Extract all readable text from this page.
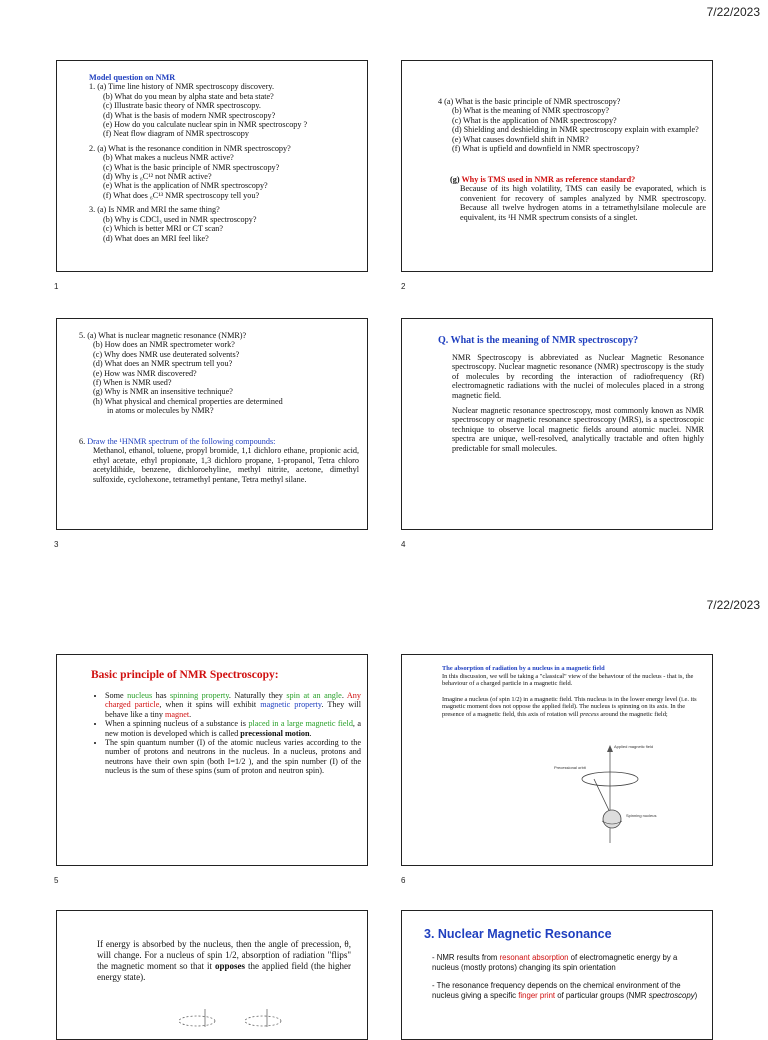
7/22/2023
7/22/2023

Model question on NMR

1. (a) Time line history of NMR spectroscopy discovery.

(b) What do you mean by alpha state and beta state?

(c) Illustrate basic theory of NMR spectroscopy.

(d) What is the basis of modern NMR spectroscopy?

(e) How do you calculate nuclear spin in NMR spectroscopy ?

(f) Neat flow diagram of NMR spectroscopy

2. (a) What is the resonance condition in NMR spectroscopy?

(b) What makes a nucleus NMR active?

(c) What is the basic principle of NMR spectroscopy?

(d) Why is ₆C¹² not NMR active?

(e) What is the application of NMR spectroscopy?

(f) What does ₆C¹³ NMR spectroscopy tell you?

3. (a) Is NMR and MRI the same thing?

(b) Why is CDCl₃ used in NMR spectroscopy?

(c) Which is better MRI or CT scan?

(d) What does an MRI feel like?

1

4 (a) What is the basic principle of NMR spectroscopy?

(b) What is the meaning of NMR spectroscopy?

(c) What is the application of NMR spectroscopy?

(d) Shielding and deshielding in NMR spectroscopy explain with example?

(e) What causes downfield shift in NMR?

(f) What is upfield and downfield in NMR spectroscopy?

(g) Why is TMS used in NMR as reference standard?

Because of its high volatility, TMS can easily be evaporated, which is convenient for recovery of samples analyzed by NMR spectroscopy. Because all twelve hydrogen atoms in a tetramethylsilane molecule are equivalent, its ¹H NMR spectrum consists of a singlet.

2

5. (a) What is nuclear magnetic resonance (NMR)?

(b) How does an NMR spectrometer work?

(c) Why does NMR use deuterated solvents?

(d) What does an NMR spectrum tell you?

(e) How was NMR discovered?

(f) When is NMR used?

(g) Why is NMR an insensitive technique?

(h) What physical and chemical properties are determined

in atoms or molecules by NMR?

6. Draw the ¹HNMR spectrum of the following compounds:

Methanol, ethanol, toluene, propyl bromide, 1,1 dichloro ethane, propionic acid, ethyl acetate, ethyl propionate, 1,3 dichloro propane, 1-propanol, Tetra chloro acetyldihide, benzene, dichloroehyline, methyl nitrite, acetone, dimethyl sulfoxide, cyclohexone, tetramethyl pentane, Tetra methyl silane.

3

Q. What is the meaning of NMR spectroscopy?

NMR Spectroscopy is abbreviated as Nuclear Magnetic Resonance spectroscopy. Nuclear magnetic resonance (NMR) spectroscopy is the study of molecules by recording the interaction of radiofrequency (Rf) electromagnetic radiations with the nuclei of molecules placed in a strong magnetic field.

Nuclear magnetic resonance spectroscopy, most commonly known as NMR spectroscopy or magnetic resonance spectroscopy (MRS), is a spectroscopic technique to observe local magnetic fields around atomic nuclei. NMR spectra are unique, well-resolved, analytically tractable and often highly predictable for small molecules.

4

Basic principle of NMR Spectroscopy:

• Some nucleus has spinning property. Naturally they spin at an angle. Any charged particle, when it spins will exhibit magnetic property. They will behave like a tiny magnet.
• When a spinning nucleus of a substance is placed in a large magnetic field, a new motion is developed which is called precessional motion.
• The spin quantum number (I) of the atomic nucleus varies according to the number of protons and neutrons in the nucleus. In a nucleus, protons and neutrons have their own spin (both I=1/2 ), and the spin number (I) of the nucleus is the sum of these spins (sum of proton and neutron spin).
5

The absorption of radiation by a nucleus in a magnetic field

In this discussion, we will be taking a "classical" view of the behaviour of the nucleus - that is, the behaviour of a charged particle in a magnetic field.

Imagine a nucleus (of spin 1/2) in a magnetic field. This nucleus is in the lower energy level (i.e. its magnetic moment does not oppose the applied field). The nucleus is spinning on its axis. In the presence of a magnetic field, this axis of rotation will precess around the magnetic field;

Applied magnetic field
Precessional orbit
Spinning nucleus
6

If energy is absorbed by the nucleus, then the angle of precession, θ, will change. For a nucleus of spin 1/2, absorption of radiation "flips" the magnetic moment so that it opposes the applied field (the higher energy state).

3. Nuclear Magnetic Resonance

- NMR results from resonant absorption of electromagnetic energy by a nucleus (mostly protons) changing its spin orientation

- The resonance frequency depends on the chemical environment of the nucleus giving a specific finger print of particular groups (NMR spectroscopy)
